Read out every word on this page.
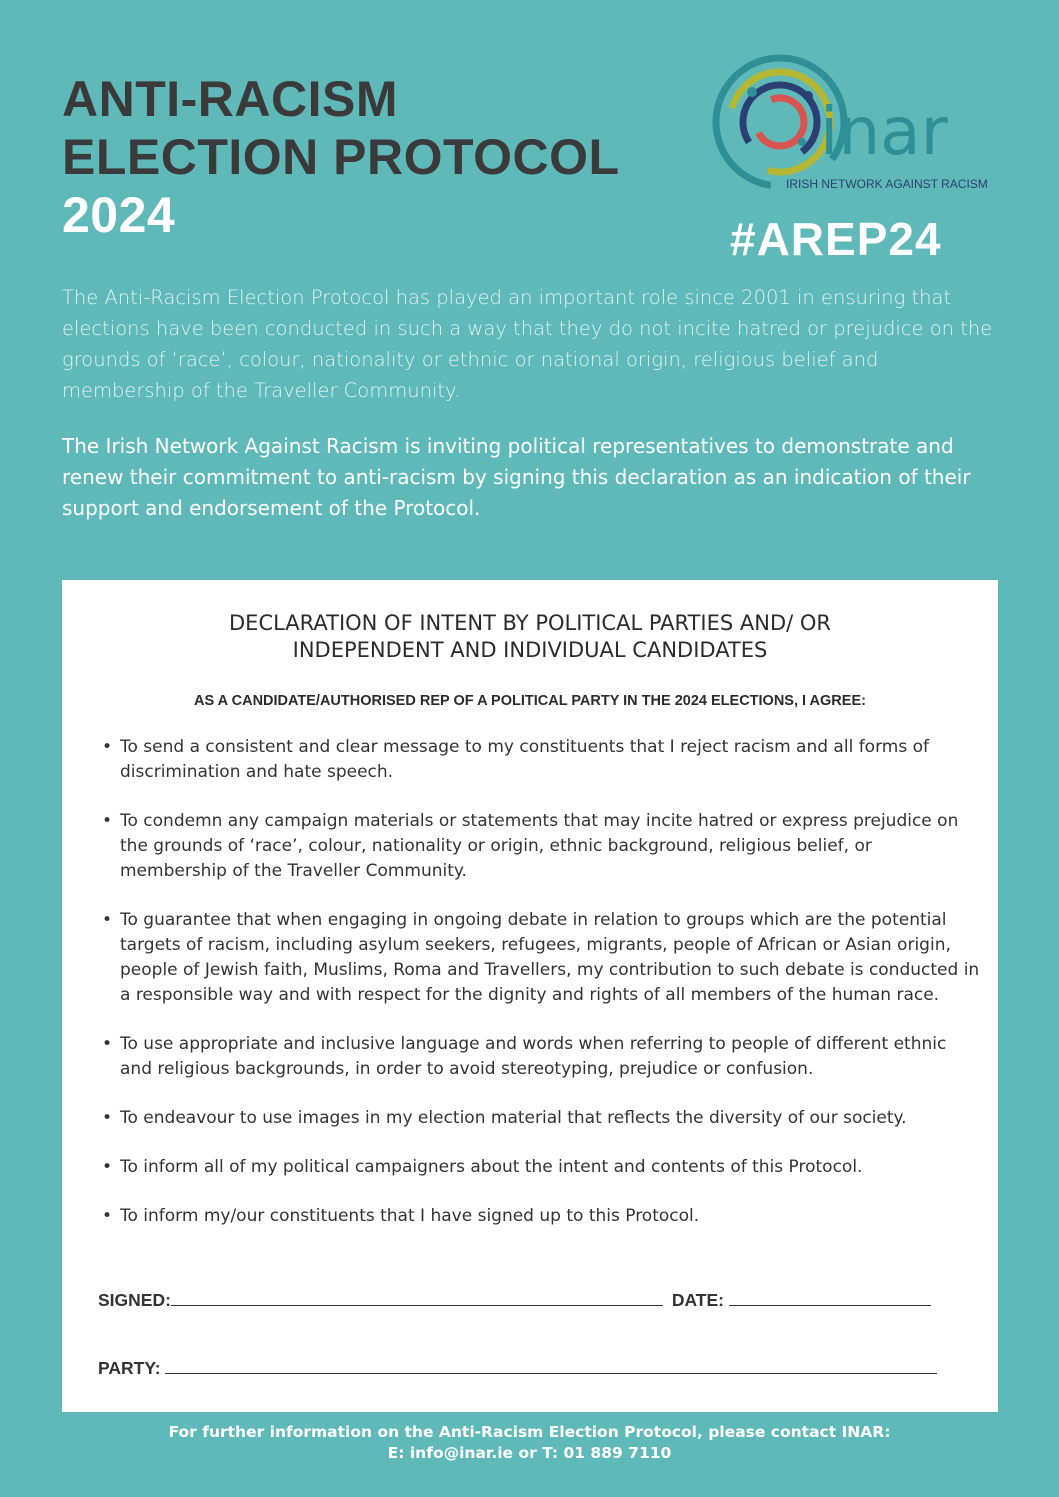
ANTI-RACISM
ELECTION PROTOCOL
2024
inar
IRISH NETWORK AGAINST RACISM
#AREP24

The Anti-Racism Election Protocol has played an important role since 2001 in ensuring that elections have been conducted in such a way that they do not incite hatred or prejudice on the grounds of ‘race’, colour, nationality or ethnic or national origin, religious belief and membership of the Traveller Community.

The Irish Network Against Racism is inviting political representatives to demonstrate and renew their commitment to anti-racism by signing this declaration as an indication of their support and endorsement of the Protocol.

DECLARATION OF INTENT BY POLITICAL PARTIES AND/ OR
INDEPENDENT AND INDIVIDUAL CANDIDATES

AS A CANDIDATE/AUTHORISED REP OF A POLITICAL PARTY IN THE 2024 ELECTIONS, I AGREE:

• To send a consistent and clear message to my constituents that I reject racism and all forms of discrimination and hate speech.
• To condemn any campaign materials or statements that may incite hatred or express prejudice on the grounds of ‘race’, colour, nationality or origin, ethnic background, religious belief, or membership of the Traveller Community.
• To guarantee that when engaging in ongoing debate in relation to groups which are the potential targets of racism, including asylum seekers, refugees, migrants, people of African or Asian origin, people of Jewish faith, Muslims, Roma and Travellers, my contribution to such debate is conducted in a responsible way and with respect for the dignity and rights of all members of the human race.
• To use appropriate and inclusive language and words when referring to people of different ethnic and religious backgrounds, in order to avoid stereotyping, prejudice or confusion.
• To endeavour to use images in my election material that reflects the diversity of our society.
• To inform all of my political campaigners about the intent and contents of this Protocol.
• To inform my/our constituents that I have signed up to this Protocol.
SIGNED:	DATE:
PARTY:
For further information on the Anti-Racism Election Protocol, please contact INAR:
E: info@inar.ie or T: 01 889 7110
